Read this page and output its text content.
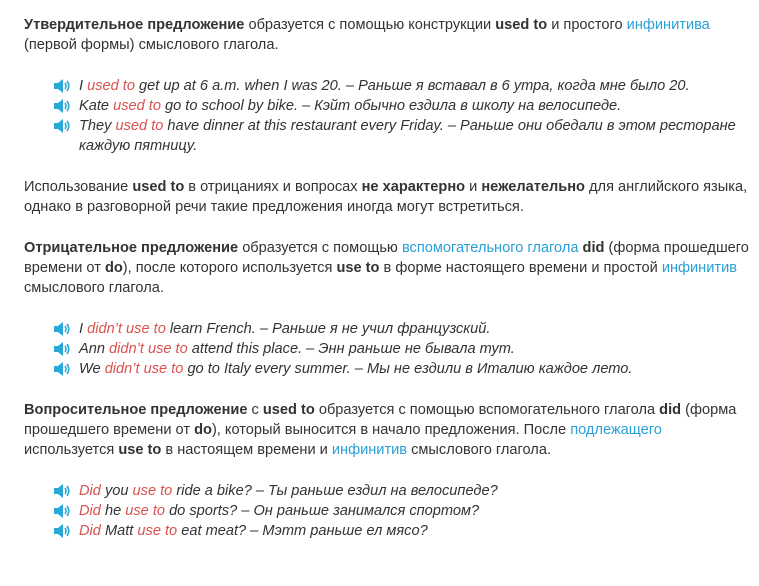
Утвердительное предложение образуется с помощью конструкции used to и простого инфинитива (первой формы) смыслового глагола.

I used to get up at 6 a.m. when I was 20. – Раньше я вставал в 6 утра, когда мне было 20.
Kate used to go to school by bike. – Кэйт обычно ездила в школу на велосипеде.
They used to have dinner at this restaurant every Friday. – Раньше они обедали в этом ресторане каждую пятницу.

Использование used to в отрицаниях и вопросах не характерно и нежелательно для английского языка, однако в разговорной речи такие предложения иногда могут встретиться.

Отрицательное предложение образуется с помощью вспомогательного глагола did (форма прошедшего времени от do), после которого используется use to в форме настоящего времени и простой инфинитив смыслового глагола.

I didn’t use to learn French. – Раньше я не учил французский.
Ann didn’t use to attend this place. – Энн раньше не бывала тут.
We didn’t use to go to Italy every summer. – Мы не ездили в Италию каждое лето.

Вопросительное предложение с used to образуется с помощью вспомогательного глагола did (форма прошедшего времени от do), который выносится в начало предложения. После подлежащего используется use to в настоящем времени и инфинитив смыслового глагола.

Did you use to ride a bike? – Ты раньше ездил на велосипеде?
Did he use to do sports? – Он раньше занимался спортом?
Did Matt use to eat meat? – Мэтт раньше ел мясо?
